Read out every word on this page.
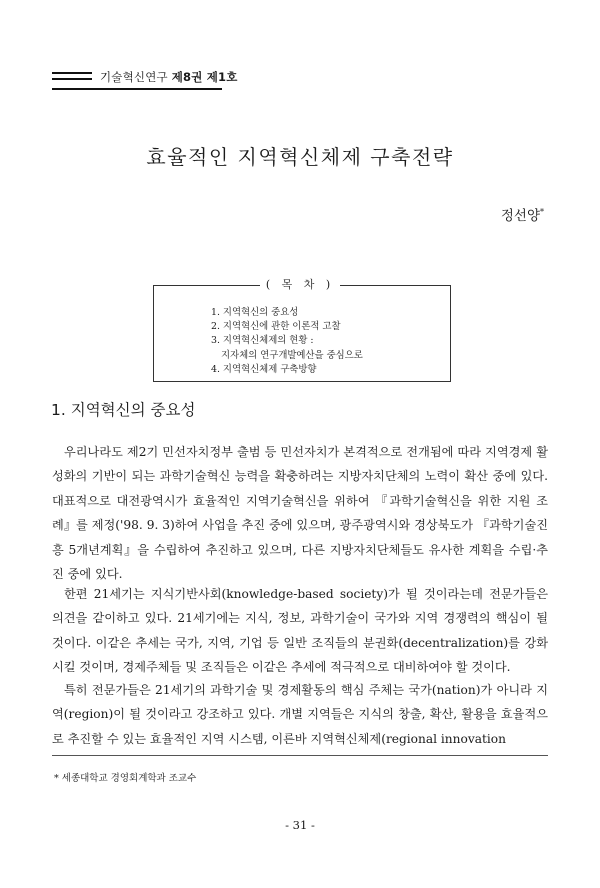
기술혁신연구 제8권 제1호
효율적인 지역혁신체제 구축전략
정선양*
( 목 차 )
1. 지역혁신의 중요성
2. 지역혁신에 관한 이론적 고찰
3. 지역혁신체제의 현황 :
지자체의 연구개발예산을 중심으로
4. 지역혁신체제 구축방향
1. 지역혁신의 중요성
우리나라도 제2기 민선자치정부 출범 등 민선자치가 본격적으로 전개됨에 따라 지역경제 활성화의 기반이 되는 과학기술혁신 능력을 확충하려는 지방자치단체의 노력이 확산 중에 있다. 대표적으로 대전광역시가 효율적인 지역기술혁신을 위하여 『과학기술혁신을 위한 지원 조례』를 제정('98. 9. 3)하여 사업을 추진 중에 있으며, 광주광역시와 경상북도가 『과학기술진흥 5개년계획』을 수립하여 추진하고 있으며, 다른 지방자치단체들도 유사한 계획을 수립·추진 중에 있다.
한편 21세기는 지식기반사회(knowledge-based society)가 될 것이라는데 전문가들은 의견을 같이하고 있다. 21세기에는 지식, 정보, 과학기술이 국가와 지역 경쟁력의 핵심이 될 것이다. 이같은 추세는 국가, 지역, 기업 등 일반 조직들의 분권화(decentralization)를 강화시킬 것이며, 경제주체들 및 조직들은 이같은 추세에 적극적으로 대비하여야 할 것이다.
특히 전문가들은 21세기의 과학기술 및 경제활동의 핵심 주체는 국가(nation)가 아니라 지역(region)이 될 것이라고 강조하고 있다. 개별 지역들은 지식의 창출, 확산, 활용을 효율적으로 추진할 수 있는 효율적인 지역 시스템, 이른바 지역혁신체제(regional innovation
* 세종대학교 경영회계학과 조교수
- 31 -
